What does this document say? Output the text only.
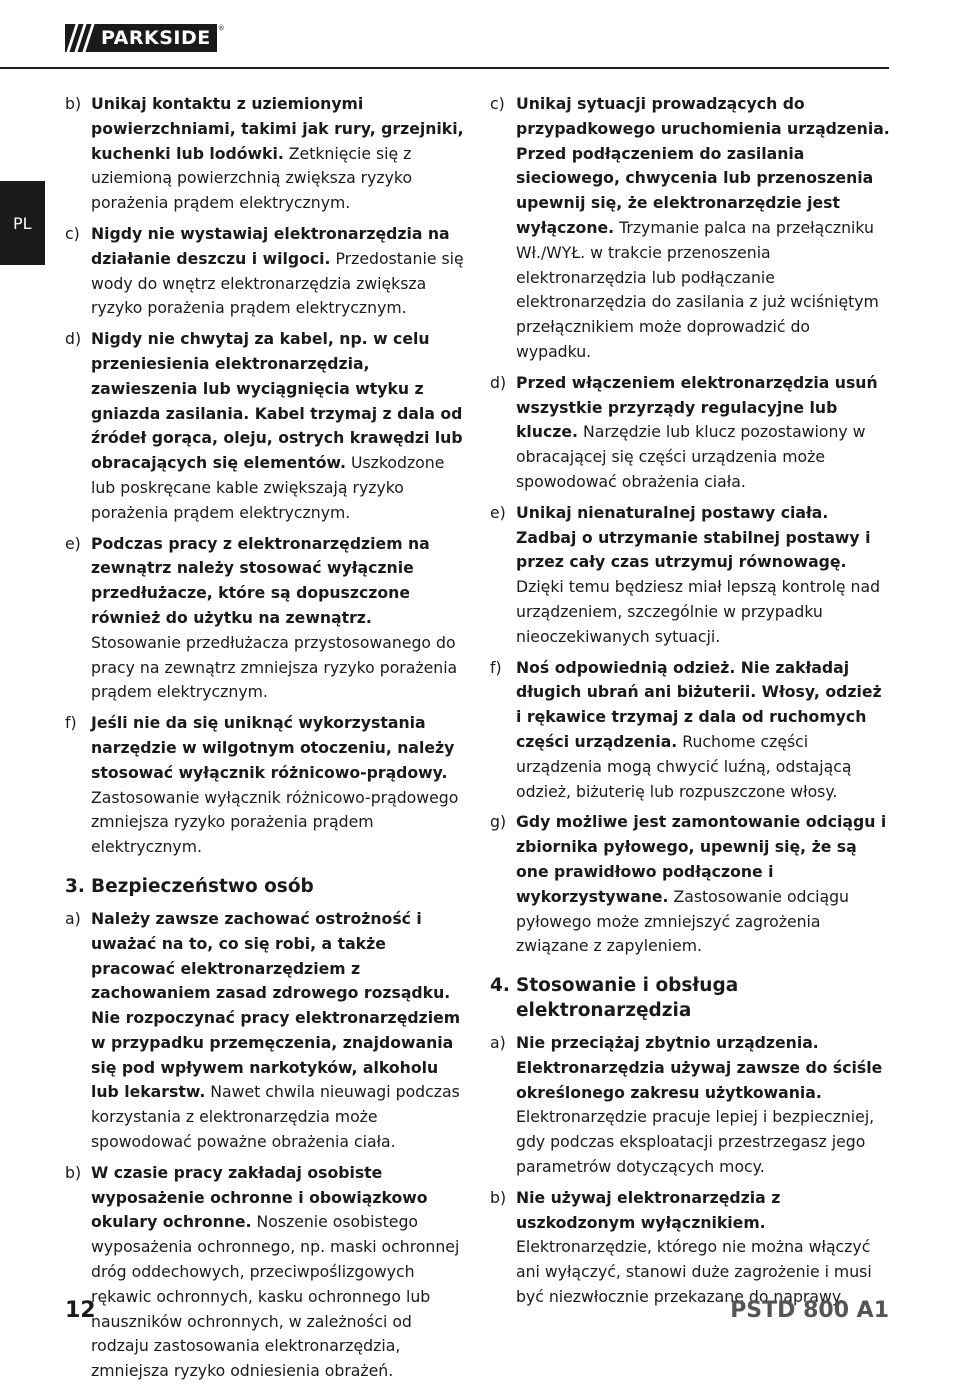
PARKSIDE	®
PL
b) Unikaj kontaktu z uziemionymi powierzchniami, takimi jak rury, grzejniki, kuchenki lub lodówki. Zetknięcie się z uziemioną powierzchnią zwiększa ryzyko porażenia prądem elektrycznym.
c) Nigdy nie wystawiaj elektronarzędzia na działanie deszczu i wilgoci. Przedostanie się wody do wnętrz elektronarzędzia zwiększa ryzyko porażenia prądem elektrycznym.
d) Nigdy nie chwytaj za kabel, np. w celu przeniesienia elektronarzędzia, zawieszenia lub wyciągnięcia wtyku z gniazda zasilania. Kabel trzymaj z dala od źródeł gorąca, oleju, ostrych krawędzi lub obracających się elementów. Uszkodzone lub poskręcane kable zwiększają ryzyko porażenia prądem elektrycznym.
e) Podczas pracy z elektronarzędziem na zewnątrz należy stosować wyłącznie przedłużacze, które są dopuszczone również do użytku na zewnątrz. Stosowanie przedłużacza przystosowanego do pracy na zewnątrz zmniejsza ryzyko porażenia prądem elektrycznym.
f) Jeśli nie da się uniknąć wykorzystania narzędzie w wilgotnym otoczeniu, należy stosować wyłącznik różnicowo-prądowy. Zastosowanie wyłącznik różnicowo-prądowego zmniejsza ryzyko porażenia prądem elektrycznym.
3. Bezpieczeństwo osób
a) Należy zawsze zachować ostrożność i uważać na to, co się robi, a także pracować elektronarzędziem z zachowaniem zasad zdrowego rozsądku. Nie rozpoczynać pracy elektronarzędziem w przypadku przemęczenia, znajdowania się pod wpływem narkotyków, alkoholu lub lekarstw. Nawet chwila nieuwagi podczas korzystania z elektronarzędzia może spowodować poważne obrażenia ciała.
b) W czasie pracy zakładaj osobiste wyposażenie ochronne i obowiązkowo okulary ochronne. Noszenie osobistego wyposażenia ochronnego, np. maski ochronnej dróg oddechowych, przeciwpoślizgowych rękawic ochronnych, kasku ochronnego lub nauszników ochronnych, w zależności od rodzaju zastosowania elektronarzędzia, zmniejsza ryzyko odniesienia obrażeń.
c) Unikaj sytuacji prowadzących do przypadkowego uruchomienia urządzenia. Przed podłączeniem do zasilania sieciowego, chwycenia lub przenoszenia upewnij się, że elektronarzędzie jest wyłączone. Trzymanie palca na przełączniku Wł./WYŁ. w trakcie przenoszenia elektronarzędzia lub podłączanie elektronarzędzia do zasilania z już wciśniętym przełącznikiem może doprowadzić do wypadku.
d) Przed włączeniem elektronarzędzia usuń wszystkie przyrządy regulacyjne lub klucze. Narzędzie lub klucz pozostawiony w obracającej się części urządzenia może spowodować obrażenia ciała.
e) Unikaj nienaturalnej postawy ciała. Zadbaj o utrzymanie stabilnej postawy i przez cały czas utrzymuj równowagę. Dzięki temu będziesz miał lepszą kontrolę nad urządzeniem, szczególnie w przypadku nieoczekiwanych sytuacji.
f) Noś odpowiednią odzież. Nie zakładaj długich ubrań ani biżuterii. Włosy, odzież i rękawice trzymaj z dala od ruchomych części urządzenia. Ruchome części urządzenia mogą chwycić luźną, odstającą odzież, biżuterię lub rozpuszczone włosy.
g) Gdy możliwe jest zamontowanie odciągu i zbiornika pyłowego, upewnij się, że są one prawidłowo podłączone i wykorzystywane. Zastosowanie odciągu pyłowego może zmniejszyć zagrożenia związane z zapyleniem.
4. Stosowanie i obsługa elektronarzędzia
a) Nie przeciążaj zbytnio urządzenia. Elektronarzędzia używaj zawsze do ściśle określonego zakresu użytkowania. Elektronarzędzie pracuje lepiej i bezpieczniej, gdy podczas eksploatacji przestrzegasz jego parametrów dotyczących mocy.
b) Nie używaj elektronarzędzia z uszkodzonym wyłącznikiem. Elektronarzędzie, którego nie można włączyć ani wyłączyć, stanowi duże zagrożenie i musi być niezwłocznie przekazane do naprawy.
12	PSTD 800 A1
